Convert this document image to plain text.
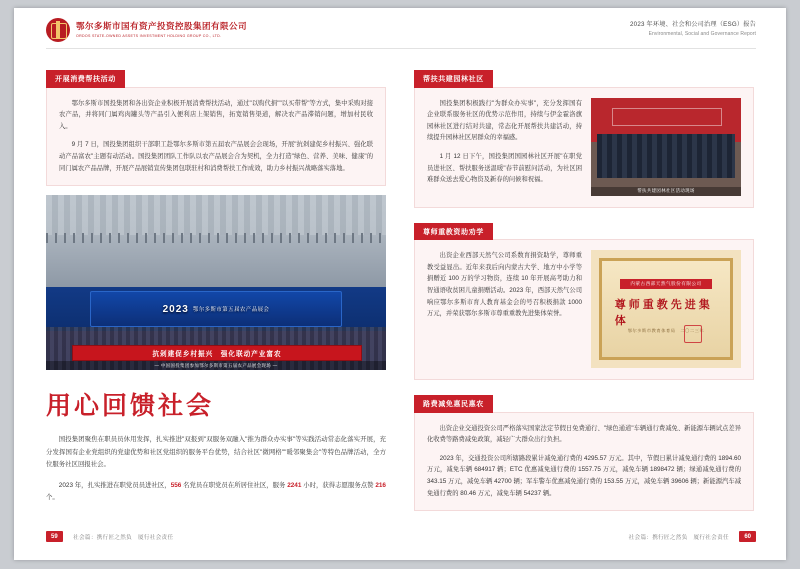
鄂尔多斯市国有资产投资控股集团有限公司
ORDOS STATE-OWNED ASSETS INVESTMENT HOLDING GROUP CO., LTD.
2023 年环境、社会和公司治理（ESG）报告
Environmental, Social and Governance Report
开展消费帮扶活动

鄂尔多斯市国投集团和各出资企业积极开展消费帮扶活动，通过"以购代捐""以买带帮"等方式，集中采购对接农产品，并将同门属鸡肉罐头等产品引入便利店上架销售，拓宽销售渠道，解决农产品滞销问题，增加村民收入。

9 月 7 日，国投集团组织干部职工赴鄂尔多斯市第五届农产品展会会现场，开展"抗剁建促乡村振兴、强化联动产品富农"主题有动活动。国投集团团队工作队以农产品展会合为契机，全力打造"绿色、营养、美味、健康"的同门属农产品品牌，开展产品展销宣传集团包联驻村和消费帮扶工作成效，助力乡村振兴战略落实落地。

2023 鄂尔多斯市第五届农产品展会
抗剁建促乡村振兴　强化联动产业富农
— 中国国投集团参加鄂尔多斯市第五届农产品展会现场 —
用心回馈社会

国投集团聚焦在职员员休用发挥，扎实推进"双报到"双服务双融入"推为群众办实事"等实践活动常态化落实开展，充分发挥国有企业党组织的党建优势和社区党组织的服务平台优势，结合社区"微网格""暖邻聚集会"等特色品牌活动，全方位服务社区回报社会。

2023 年，扎实推进在职党员员进社区，556 名党员在职党员在所居住社区，服务 2241 小时，获得志愿服务点赞 216 个。

帮扶共建园林社区

国投集团积极践行"为群众办实事"，充分发挥国有企业联系服务社区的优势示范作用，持续与伊金霍洛旗园林社区进行结对共建，常态化开展帮扶共建活动，持续提升园林社区居群众的幸福感。

1 月 12 日下午，国投集团国园林社区开展"在职党员进社区、帮扶服务送温暖"春节前慰问活动，为社区困难群众送去爱心物资及新春的问候和祝福。

帮扶共建园林社区活动现场
尊师重教资助劝学

出资企业西部天然气公司系数育捐资助学，尊师重教受益显出。近年来我后向内蒙古大学、地方中小学等捐赠近 100 万的学习物资，连续 10 年开展高考助力和智通语收贫困儿童捐赠活动。2023 年，西部天然气公司响应鄂尔多斯市育人教育基金会的号召积极捐款 1000 万元，并荣获鄂尔多斯市尊重重教先进集体荣誉。

内蒙古西部天然气股份有限公司
尊师重教先进集体
鄂尔多斯市教育体育局　二〇二三年
路费减免惠民惠农

出资企业交通投资公司严格落实国家法定节假日免费通行、"绿色通道"车辆通行费减免、新能源车辆试点差异化收费等路费减免政策，减轻广大群众出行负担。

2023 年，交通投资公司所辖路段累计减免通行费的 4295.57 万元。其中，节假日累计减免通行费的 1894.60 万元，减免车辆 684917 辆；ETC 优惠减免通行费的 1557.75 万元，减免车辆 1898472 辆；绿通减免通行费的 343.15 万元，减免车辆 42700 辆；军车警车优惠减免通行费的 153.55 万元，减免车辆 39606 辆；新能源汽车减免通行费的 80.46 万元，减免车辆 54237 辆。

59	社会篇：携行匠之然负　厦行社会责任	社会篇：携行匠之然负　厦行社会责任	60
